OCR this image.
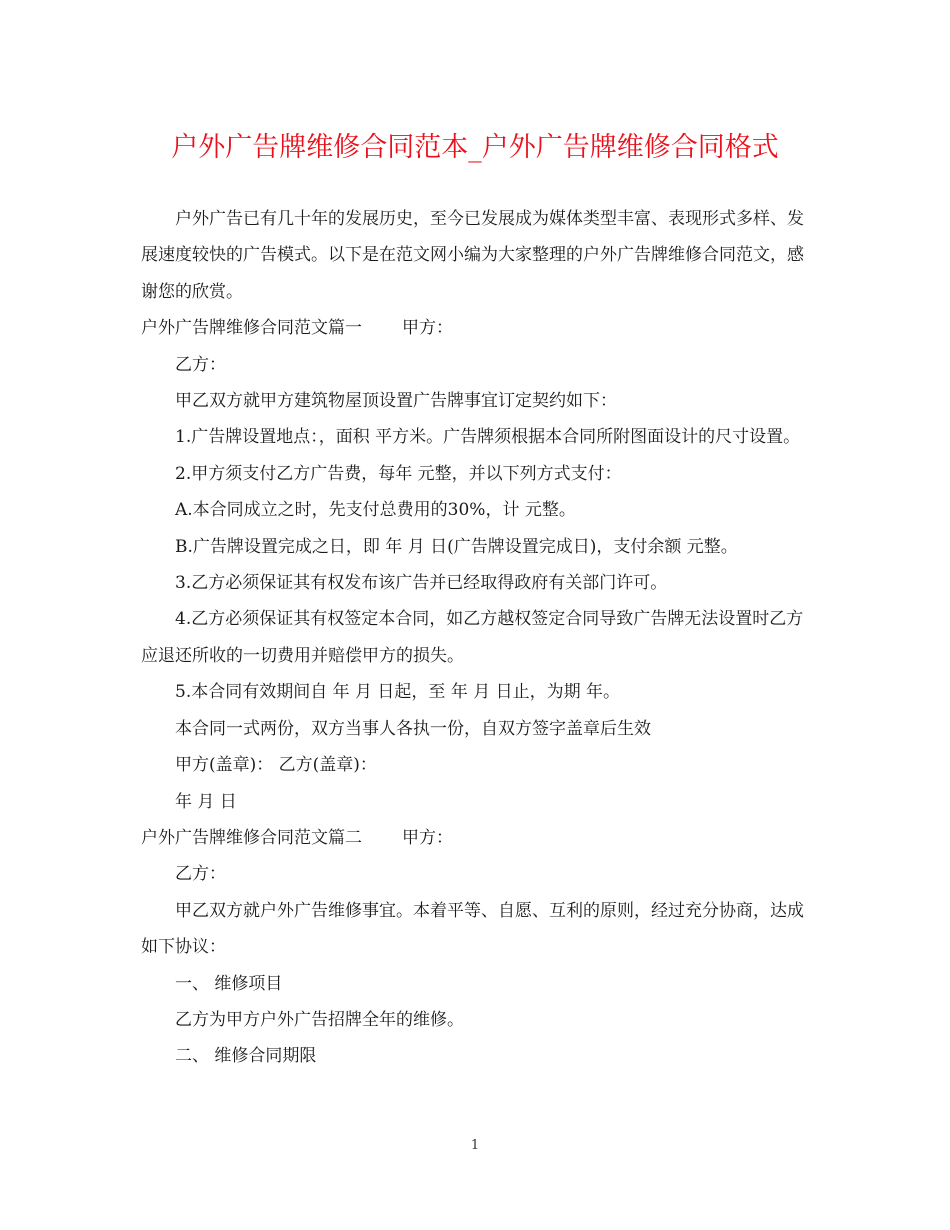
户外广告牌维修合同范本_户外广告牌维修合同格式

户外广告已有几十年的发展历史，至今已发展成为媒体类型丰富、表现形式多样、发展速度较快的广告模式。以下是在范文网小编为大家整理的户外广告牌维修合同范文，感谢您的欣赏。

户外广告牌维修合同范文篇一 甲方：

乙方：

甲乙双方就甲方建筑物屋顶设置广告牌事宜订定契约如下：

1.广告牌设置地点：，面积 平方米。广告牌须根据本合同所附图面设计的尺寸设置。

2.甲方须支付乙方广告费，每年 元整，并以下列方式支付：

A.本合同成立之时，先支付总费用的30%，计 元整。

B.广告牌设置完成之日，即 年 月 日(广告牌设置完成日)，支付余额 元整。

3.乙方必须保证其有权发布该广告并已经取得政府有关部门许可。

4.乙方必须保证其有权签定本合同，如乙方越权签定合同导致广告牌无法设置时乙方应退还所收的一切费用并赔偿甲方的损失。

5.本合同有效期间自 年 月 日起，至 年 月 日止，为期 年。

本合同一式两份，双方当事人各执一份，自双方签字盖章后生效

甲方(盖章)： 乙方(盖章)：

年 月 日

户外广告牌维修合同范文篇二 甲方：

乙方：

甲乙双方就户外广告维修事宜。本着平等、自愿、互利的原则，经过充分协商，达成如下协议：

一、 维修项目

乙方为甲方户外广告招牌全年的维修。

二、 维修合同期限

1
